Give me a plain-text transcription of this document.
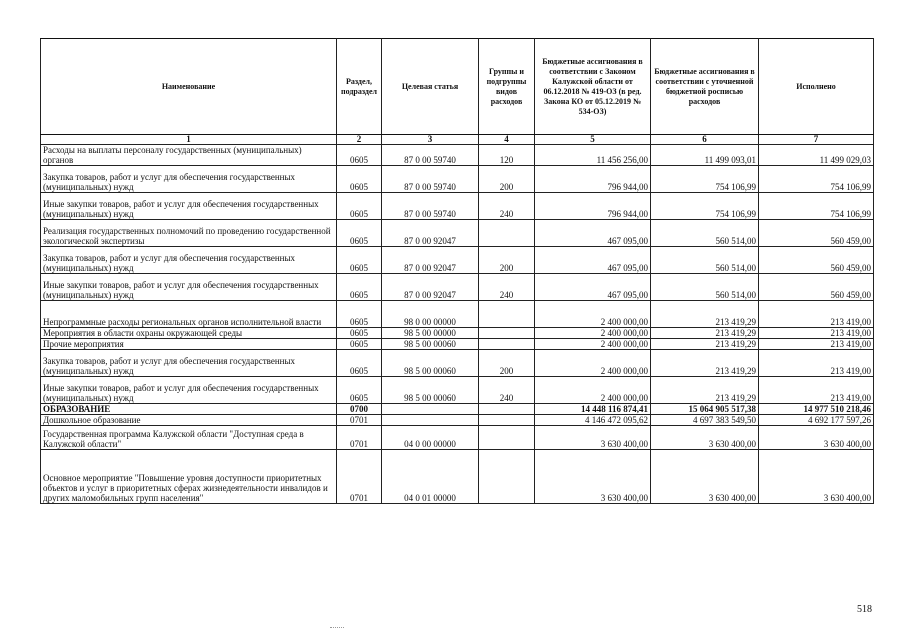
Наименование	Раздел, подраздел	Целевая статья	Группы и подгруппы видов расходов	Бюджетные ассигнования в соответствии с Законом Калужской области от 06.12.2018 № 419-ОЗ (в ред. Закона КО от 05.12.2019 № 534-ОЗ)	Бюджетные ассигнования в соответствии с уточненной бюджетной росписью расходов	Исполнено
1	2	3	4	5	6	7
Расходы на выплаты персоналу государственных (муниципальных) органов	0605	87 0 00 59740	120	11 456 256,00	11 499 093,01	11 499 029,03
Закупка товаров, работ и услуг для обеспечения государственных (муниципальных) нужд	0605	87 0 00 59740	200	796 944,00	754 106,99	754 106,99
Иные закупки товаров, работ и услуг для обеспечения государственных (муниципальных) нужд	0605	87 0 00 59740	240	796 944,00	754 106,99	754 106,99
Реализация государственных полномочий по проведению государственной экологической экспертизы	0605	87 0 00 92047		467 095,00	560 514,00	560 459,00
Закупка товаров, работ и услуг для обеспечения государственных (муниципальных) нужд	0605	87 0 00 92047	200	467 095,00	560 514,00	560 459,00
Иные закупки товаров, работ и услуг для обеспечения государственных (муниципальных) нужд	0605	87 0 00 92047	240	467 095,00	560 514,00	560 459,00
Непрограммные расходы региональных органов исполнительной власти	0605	98 0 00 00000		2 400 000,00	213 419,29	213 419,00
Мероприятия в области охраны окружающей среды	0605	98 5 00 00000		2 400 000,00	213 419,29	213 419,00
Прочие мероприятия	0605	98 5 00 00060		2 400 000,00	213 419,29	213 419,00
Закупка товаров, работ и услуг для обеспечения государственных (муниципальных) нужд	0605	98 5 00 00060	200	2 400 000,00	213 419,29	213 419,00
Иные закупки товаров, работ и услуг для обеспечения государственных (муниципальных) нужд	0605	98 5 00 00060	240	2 400 000,00	213 419,29	213 419,00
ОБРАЗОВАНИЕ	0700			14 448 116 874,41	15 064 905 517,38	14 977 510 218,46
Дошкольное образование	0701			4 146 472 095,62	4 697 383 549,50	4 692 177 597,26
Государственная программа Калужской области "Доступная среда в Калужской области"	0701	04 0 00 00000		3 630 400,00	3 630 400,00	3 630 400,00
Основное мероприятие "Повышение уровня доступности приоритетных объектов и услуг в приоритетных сферах жизнедеятельности инвалидов и других маломобильных групп населения"	0701	04 0 01 00000		3 630 400,00	3 630 400,00	3 630 400,00
518
